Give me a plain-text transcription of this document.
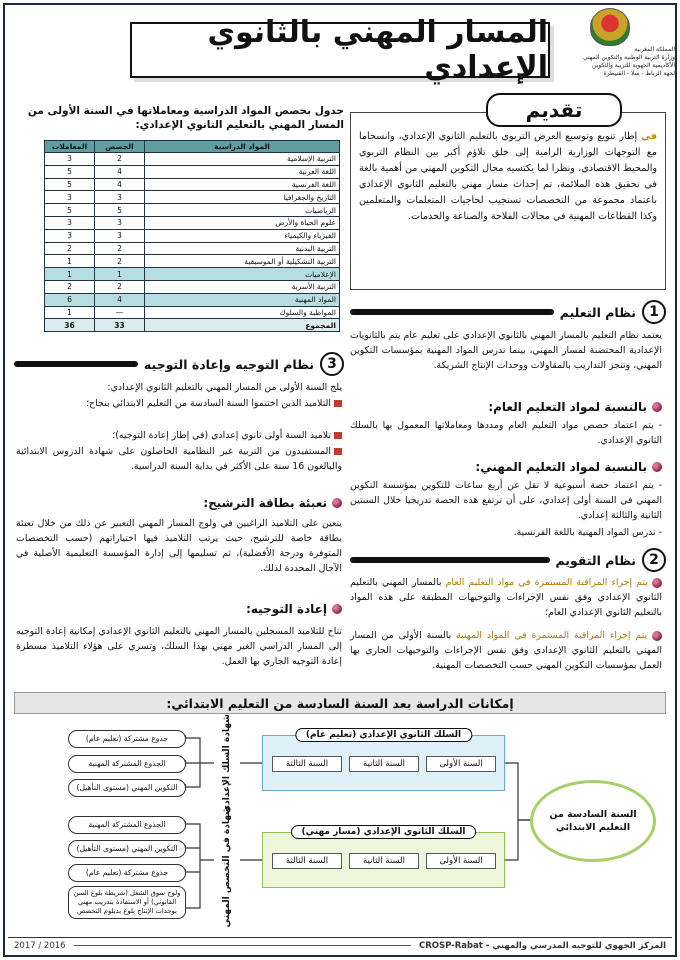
المملكة المغربية
وزارة التربية الوطنية والتكوين المهني
الأكاديمية الجهوية للتربية والتكوين
لجهة الرباط - سلا - القنيطرة
المسار المهني بالثانوي الإعدادي
تقديم
في إطار تنويع وتوسيع العرض التربوي بالتعليم الثانوي الإعدادي، وانسجاما مع التوجهات الوزارية الرامية إلى خلق تلاؤم أكبر بين النظام التربوي والمحيط الاقتصادي، ونظرا لما يكتسيه مجال التكوين المهني من أهمية بالغة في تحقيق هذه الملائمة، تم إحداث مسار مهني بالتعليم الثانوي الإعدادي باعتماد مجموعة من التخصصات تستجيب لحاجيات المتعلمات والمتعلمين وكذا القطاعات المهنية في مجالات الفلاحة والصناعة والخدمات.
جدول بحصص المواد الدراسية ومعاملاتها في السنة الأولى من المسار المهني بالتعليم الثانوي الإعدادي:
المواد الدراسية	الحصص	المعاملات
التربية الإسلامية	2	3
اللغة العربية	4	5
اللغة الفرنسية	4	5
التاريخ والجغرافيا	3	3
الرياضيات	5	5
علوم الحياة والأرض	3	3
الفيزياء والكيمياء	3	3
التربية البدنية	2	2
التربية التشكيلية أو الموسيقية	2	1
الإعلاميات	1	1
التربية الأسرية	2	2
المواد المهنية	4	6
المواظبة والسلوك	—	1
المجموع	33	36
1
نظام التعليم
يعتمد نظام التعليم بالمسار المهني بالثانوي الإعدادي على تعليم عام يتم بالثانويات الإعدادية المحتضنة لمسار المهني، بينما تدرس المواد المهنية بمؤسسات التكوين المهني، وتنجز التداريب بالمقاولات ووحدات الإنتاج الشريكة.
بالنسبة لمواد التعليم العام:
- يتم اعتماد حصص مواد التعليم العام ومددها ومعاملاتها المعمول بها بالسلك الثانوي الإعدادي.
بالنسبة لمواد التعليم المهني:
- يتم اعتماد حصة أسبوعية لا تقل عن أربع ساعات للتكوين بمؤسسة التكوين المهني في السنة أولى إعدادي، على أن ترتفع هذه الحصة تدريجيا خلال السنتين الثانية والثالثة إعدادي.
- تدرس المواد المهنية باللغة الفرنسية.
2
نظام التقويم
يتم إجراء المراقبة المستمرة في مواد التعليم العام بالمسار المهني بالتعليم الثانوي الإعدادي وفق نفس الإجراءات والتوجيهات المطبقة على هذه المواد بالتعليم الثانوي الإعدادي العام؛
يتم إجراء المراقبة المستمرة في المواد المهنية بالسنة الأولى من المسار المهني بالتعليم الثانوي الإعدادي وفق نفس الإجراءات والتوجيهات الجاري بها العمل بمؤسسات التكوين المهني حسب التخصصات المهنية.
3
نظام التوجيه وإعادة التوجيه
يلج السنة الأولى من المسار المهني بالتعليم الثانوي الإعدادي:
التلاميذ الذين اختتموا السنة السادسة من التعليم الابتدائي بنجاح؛
تلاميذ السنة أولى ثانوي إعدادي (في إطار إعادة التوجيه)؛
المستفيدون من التربية غير النظامية الحاصلون على شهادة الدروس الابتدائية والبالغون 16 سنة على الأكثر في بداية السنة الدراسية.
تعبئة بطاقة الترشيح:
يتعين على التلاميذ الراغبين في ولوج المسار المهني التعبير عن ذلك من خلال تعبئة بطاقة خاصة للترشيح، حيث يرتب التلاميذ فيها اختياراتهم (حسب التخصصات المتوفرة ودرجة الأفضلية)، ثم تسليمها إلى إدارة المؤسسة التعليمية الأصلية في الآجال المحددة لذلك.
إعادة التوجيه:
تتاح للتلاميذ المسجلين بالمسار المهني بالتعليم الثانوي الإعدادي إمكانية إعادة التوجيه إلى المسار الدراسي الغير مهني بهذا السلك، وتسري على هؤلاء التلاميذ مسطرة إعادة التوجيه الجاري بها العمل.
إمكانات الدراسة بعد السنة السادسة من التعليم الابتدائي:
السنة السادسة من التعليم الابتدائي
السلك الثانوي الإعدادي (تعليم عام)
السنة الأولى
السنة الثانية
السنة الثالثة
السلك الثانوي الإعدادي (مسار مهني)
السنة الأولى
السنة الثانية
السنة الثالثة
شهادة السلك الإعدادي
شهادة في التخصص المهني
جذوع مشتركة (تعليم عام)
الجذوع المشتركة المهنية
التكوين المهني (مستوى التأهيل)
الجذوع المشتركة المهنية
التكوين المهني (مستوى التأهيل)
جذوع مشتركة (تعليم عام)
ولوج سوق الشغل (شريطة بلوغ السن القانوني) أو الاستفادة بتدريب مهني بوحدات الإنتاج بلوغ بدبلوم التخصص
المركز الجهوي للتوجيه المدرسي والمهني - CROSP-Rabat
2016 / 2017
